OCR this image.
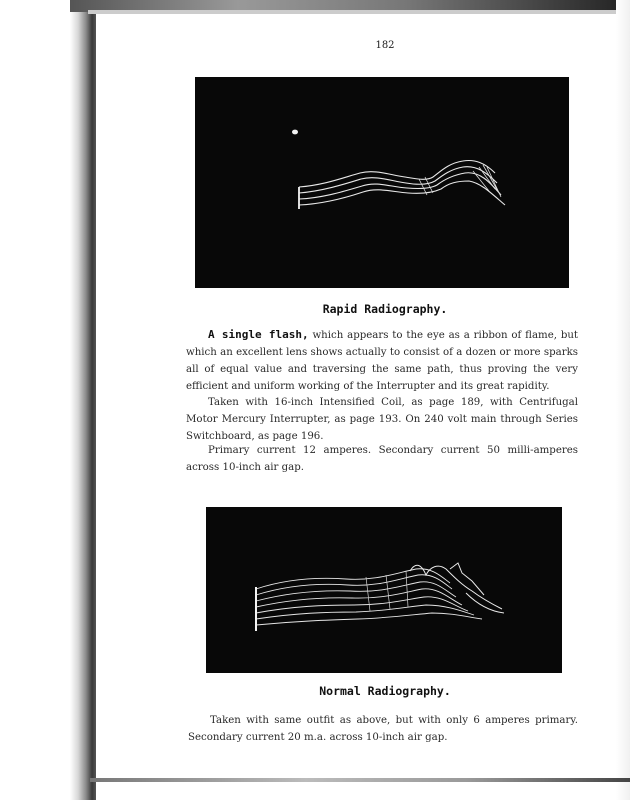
182
Rapid Radiography.

A single flash, which appears to the eye as a ribbon of flame, but which an excellent lens shows actually to consist of a dozen or more sparks all of equal value and traversing the same path, thus proving the very efficient and uniform working of the Interrupter and its great rapidity.

Taken with 16-inch Intensified Coil, as page 189, with Centrifugal Motor Mercury Interrupter, as page 193. On 240 volt main through Series Switchboard, as page 196.

Primary current 12 amperes. Secondary current 50 milli-amperes across 10-inch air gap.

Normal Radiography.

Taken with same outfit as above, but with only 6 amperes primary. Secondary current 20 m.a. across 10-inch air gap.
